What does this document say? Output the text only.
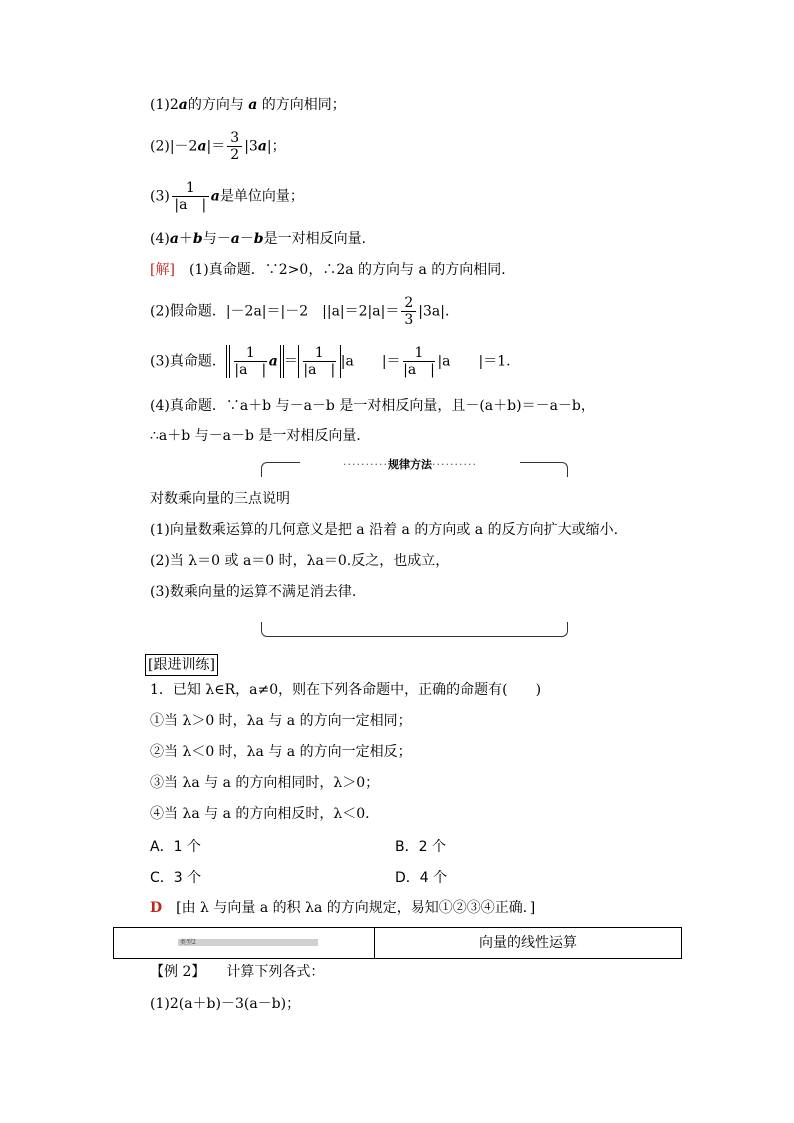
(1)2a的方向与 a 的方向相同；
$(2)|-2a|= \frac{3}{2} |3a|$；
$(3) \frac{1}{|a |}$ a是单位向量；
(4)a＋b与－a－b是一对相反向量．
[解]　 (1)真命题．∵2>0，∴2a 的方向与 a 的方向相同．
(2)假命题．|－2a|＝|－2　$||a|=2|a|= \frac{2}{3} |3a|$.
(3)真命题． $\frac{1}{|a |}$ $a = \frac{1}{|a |} |a$　　|＝ $\frac{1}{|a |} |a$　　|＝1.
(4)真命题．∵a＋b 与－a－b 是一对相反向量，且－(a＋b)＝－a－b，
∴a＋b 与－a－b 是一对相反向量．
··········规律方法··········
对数乘向量的三点说明
(1)向量数乘运算的几何意义是把 a 沿着 a 的方向或 a 的反方向扩大或缩小.
(2)当 λ＝0 或 a＝0 时，λa＝0.反之，也成立，
(3)数乘向量的运算不满足消去律.
[跟进训练]
1．已知 λ∈R，a≠0，则在下列各命题中，正确的命题有(　　)
①当 λ＞0 时，λa 与 a 的方向一定相同；
②当 λ＜0 时，λa 与 a 的方向一定相反；
③当 λa 与 a 的方向相同时，λ＞0；
④当 λa 与 a 的方向相反时，λ＜0.
A．1 个	B．2 个
C．3 个	D．4 个
D　 [由 λ 与向量 a 的积 λa 的方向规定，易知①②③④正确．]
类型2	向量的线性运算
【例 2】　　 计算下列各式：
(1)2(a＋b)－3(a－b)；
